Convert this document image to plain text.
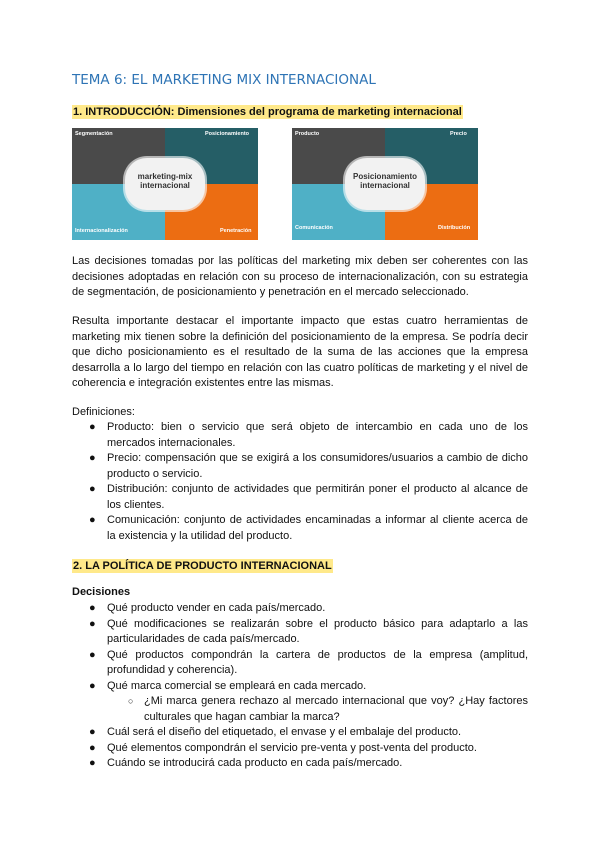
TEMA 6: EL MARKETING MIX INTERNACIONAL
1. INTRODUCCIÓN: Dimensiones del programa de marketing internacional
Segmentación	Posicionamiento
Internacionalización	Penetración
marketing-mix
internacional
Producto	Precio
Comunicación	Distribución
Posicionamiento
internacional

Las decisiones tomadas por las políticas del marketing mix deben ser coherentes con las decisiones adoptadas en relación con su proceso de internacionalización, con su estrategia de segmentación, de posicionamiento y penetración en el mercado seleccionado.

Resulta importante destacar el importante impacto que estas cuatro herramientas de marketing mix tienen sobre la definición del posicionamiento de la empresa. Se podría decir que dicho posicionamiento es el resultado de la suma de las acciones que la empresa desarrolla a lo largo del tiempo en relación con las cuatro políticas de marketing y el nivel de coherencia e integración existentes entre las mismas.

Definiciones:
● Producto: bien o servicio que será objeto de intercambio en cada uno de los mercados internacionales.
● Precio: compensación que se exigirá a los consumidores/usuarios a cambio de dicho producto o servicio.
● Distribución: conjunto de actividades que permitirán poner el producto al alcance de los clientes.
● Comunicación: conjunto de actividades encaminadas a informar al cliente acerca de la existencia y la utilidad del producto.
2. LA POLÍTICA DE PRODUCTO INTERNACIONAL
Decisiones
● Qué producto vender en cada país/mercado.
● Qué modificaciones se realizarán sobre el producto básico para adaptarlo a las particularidades de cada país/mercado.
● Qué productos compondrán la cartera de productos de la empresa (amplitud, profundidad y coherencia).
● Qué marca comercial se empleará en cada mercado.
○ ¿Mi marca genera rechazo al mercado internacional que voy? ¿Hay factores culturales que hagan cambiar la marca?
● Cuál será el diseño del etiquetado, el envase y el embalaje del producto.
● Qué elementos compondrán el servicio pre-venta y post-venta del producto.
● Cuándo se introducirá cada producto en cada país/mercado.
